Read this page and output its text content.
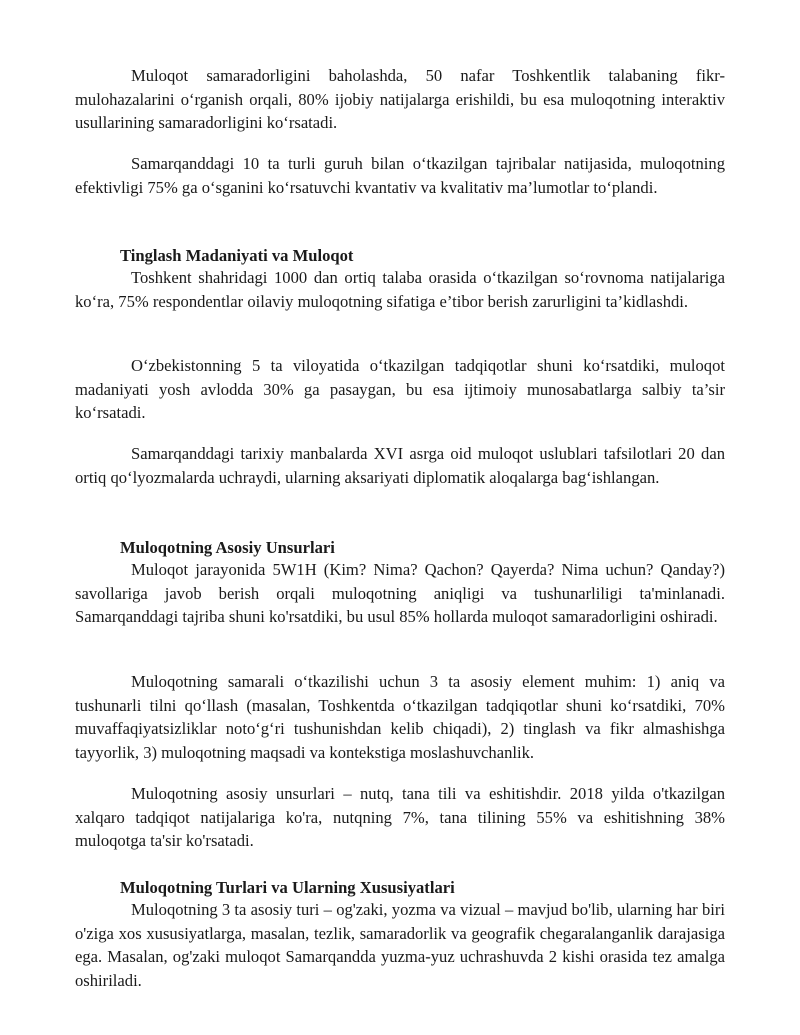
Muloqot samaradorligini baholashda, 50 nafar Toshkentlik talabaning fikr-mulohazalarini o‘rganish orqali, 80% ijobiy natijalarga erishildi, bu esa muloqotning interaktiv usullarining samaradorligini ko‘rsatadi.

Samarqanddagi 10 ta turli guruh bilan o‘tkazilgan tajribalar natijasida, muloqotning efektivligi 75% ga o‘sganini ko‘rsatuvchi kvantativ va kvalitativ ma’lumotlar to‘plandi.

Tinglash Madaniyati va Muloqot

Toshkent shahridagi 1000 dan ortiq talaba orasida o‘tkazilgan so‘rovnoma natijalariga ko‘ra, 75% respondentlar oilaviy muloqotning sifatiga e’tibor berish zarurligini ta’kidlashdi.

O‘zbekistonning 5 ta viloyatida o‘tkazilgan tadqiqotlar shuni ko‘rsatdiki, muloqot madaniyati yosh avlodda 30% ga pasaygan, bu esa ijtimoiy munosabatlarga salbiy ta’sir ko‘rsatadi.

Samarqanddagi tarixiy manbalarda XVI asrga oid muloqot uslublari tafsilotlari 20 dan ortiq qo‘lyozmalarda uchraydi, ularning aksariyati diplomatik aloqalarga bag‘ishlangan.

Muloqotning Asosiy Unsurlari

Muloqot jarayonida 5W1H (Kim? Nima? Qachon? Qayerda? Nima uchun? Qanday?) savollariga javob berish orqali muloqotning aniqligi va tushunarliligi ta'minlanadi. Samarqanddagi tajriba shuni ko'rsatdiki, bu usul 85% hollarda muloqot samaradorligini oshiradi.

Muloqotning samarali o‘tkazilishi uchun 3 ta asosiy element muhim: 1) aniq va tushunarli tilni qo‘llash (masalan, Toshkentda o‘tkazilgan tadqiqotlar shuni ko‘rsatdiki, 70% muvaffaqiyatsizliklar noto‘g‘ri tushunishdan kelib chiqadi), 2) tinglash va fikr almashishga tayyorlik, 3) muloqotning maqsadi va kontekstiga moslashuvchanlik.

Muloqotning asosiy unsurlari – nutq, tana tili va eshitishdir. 2018 yilda o'tkazilgan xalqaro tadqiqot natijalariga ko'ra, nutqning 7%, tana tilining 55% va eshitishning 38% muloqotga ta'sir ko'rsatadi.

Muloqotning Turlari va Ularning Xususiyatlari

Muloqotning 3 ta asosiy turi – og'zaki, yozma va vizual – mavjud bo'lib, ularning har biri o'ziga xos xususiyatlarga, masalan, tezlik, samaradorlik va geografik chegaralanganlik darajasiga ega. Masalan, og'zaki muloqot Samarqandda yuzma-yuz uchrashuvda 2 kishi orasida tez amalga oshiriladi.
